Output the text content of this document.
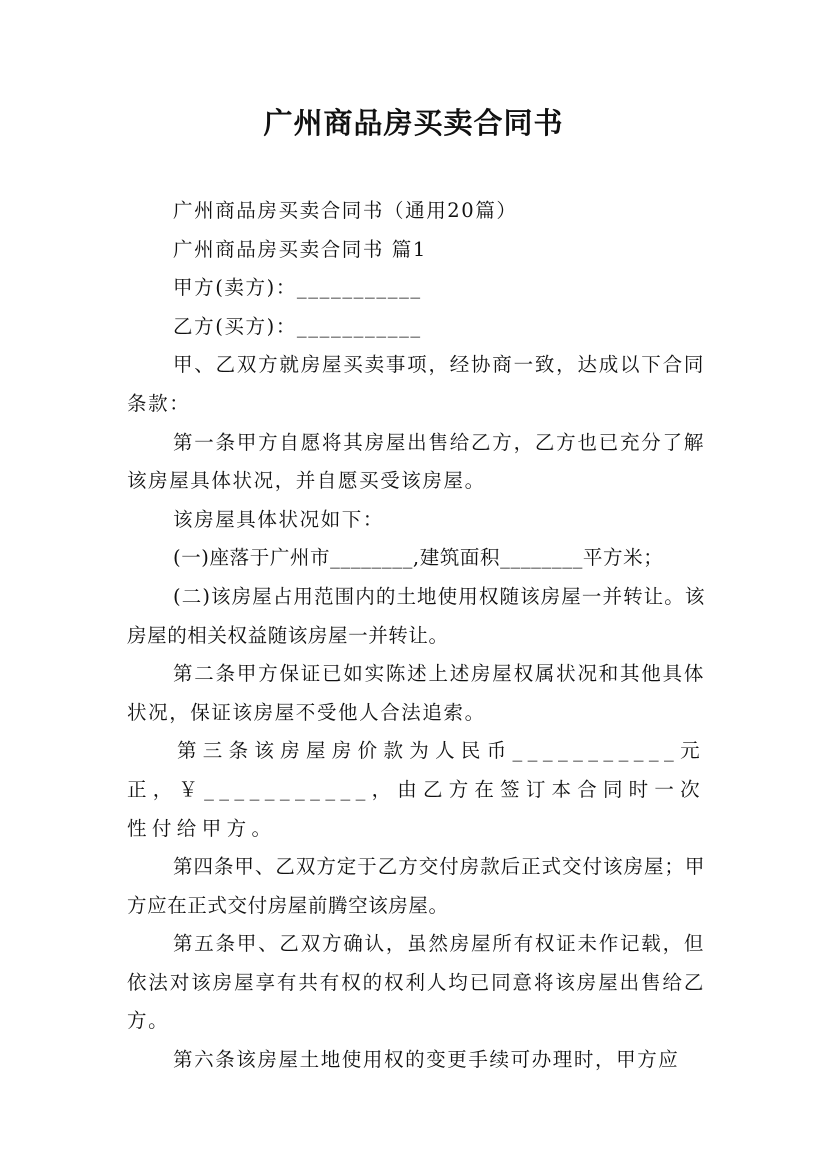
广州商品房买卖合同书

广州商品房买卖合同书（通用20篇）

广州商品房买卖合同书 篇1

甲方(卖方)：___________

乙方(买方)：___________

甲、乙双方就房屋买卖事项，经协商一致，达成以下合同条款：

第一条甲方自愿将其房屋出售给乙方，乙方也已充分了解该房屋具体状况，并自愿买受该房屋。

该房屋具体状况如下：

(一)座落于广州市________,建筑面积________平方米；

(二)该房屋占用范围内的土地使用权随该房屋一并转让。该房屋的相关权益随该房屋一并转让。

第二条甲方保证已如实陈述上述房屋权属状况和其他具体状况，保证该房屋不受他人合法追索。

第三条该房屋房价款为人民币___________元正，￥___________，由乙方在签订本合同时一次性付给甲方。

第四条甲、乙双方定于乙方交付房款后正式交付该房屋；甲方应在正式交付房屋前腾空该房屋。

第五条甲、乙双方确认，虽然房屋所有权证未作记载，但依法对该房屋享有共有权的权利人均已同意将该房屋出售给乙方。

第六条该房屋土地使用权的变更手续可办理时，甲方应
